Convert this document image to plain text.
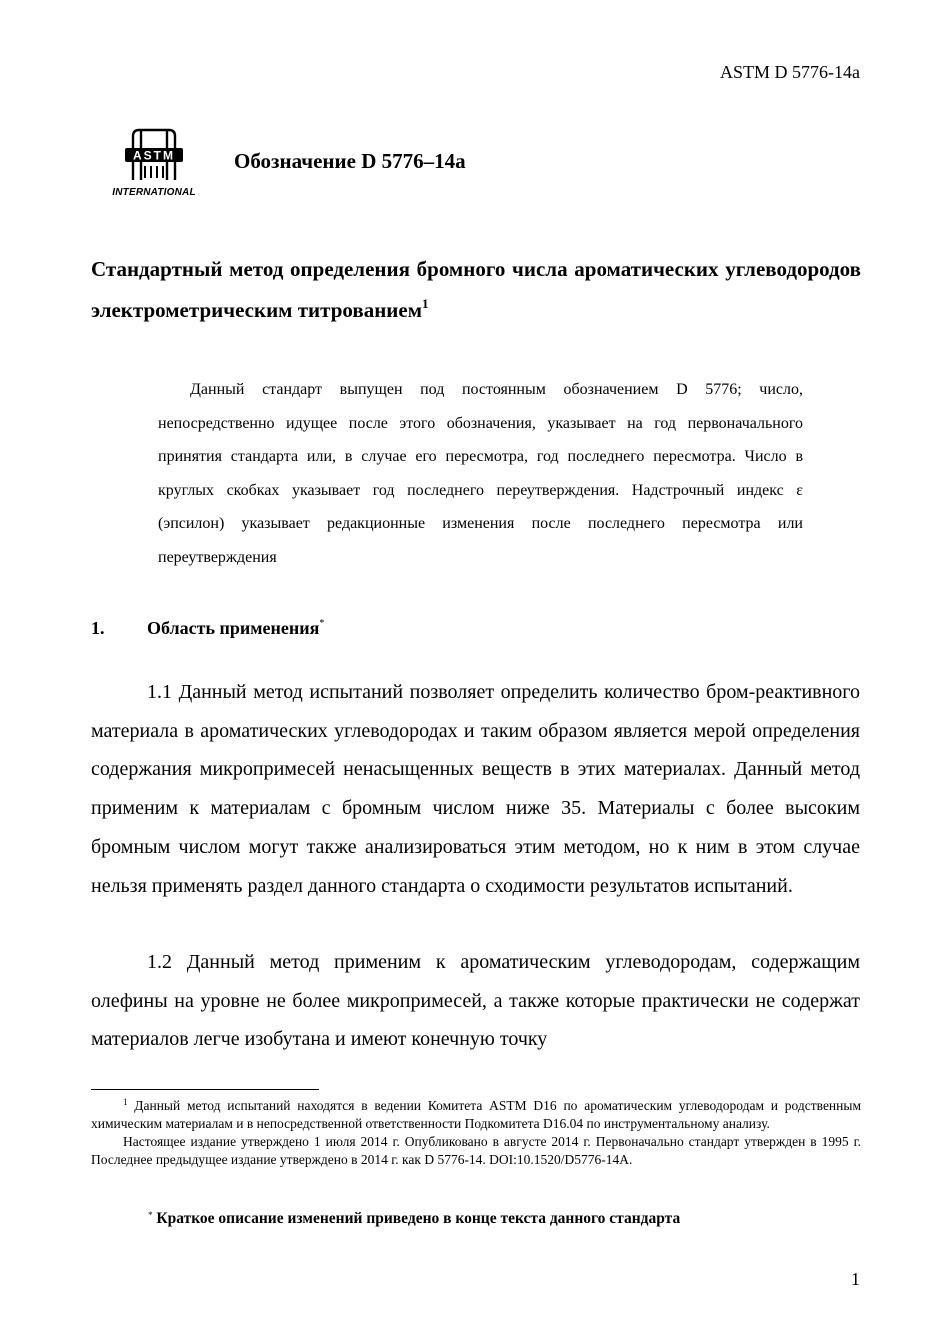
ASTM D 5776-14a
ASTM
INTERNATIONAL
Обозначение D 5776–14a
Стандартный метод определения бромного числа ароматических углеводородов электрометрическим титрованием$^1$
Данный стандарт выпущен под постоянным обозначением D 5776; число, непосредственно идущее после этого обозначения, указывает на год первоначального принятия стандарта или, в случае его пересмотра, год последнего пересмотра. Число в круглых скобках указывает год последнего переутверждения. Надстрочный индекс ε (эпсилон) указывает редакционные изменения после последнего пересмотра или переутверждения
1. Область применения*
1.1 Данный метод испытаний позволяет определить количество бром-реактивного материала в ароматических углеводородах и таким образом является мерой определения содержания микропримесей ненасыщенных веществ в этих материалах. Данный метод применим к материалам с бромным числом ниже 35. Материалы с более высоким бромным числом могут также анализироваться этим методом, но к ним в этом случае нельзя применять раздел данного стандарта о сходимости результатов испытаний.
1.2 Данный метод применим к ароматическим углеводородам, содержащим олефины на уровне не более микропримесей, а также которые практически не содержат материалов легче изобутана и имеют конечную точку

$^1$ Данный метод испытаний находятся в ведении Комитета ASTM D16 по ароматическим углеводородам и родственным химическим материалам и в непосредственной ответственности Подкомитета D16.04 по инструментальному анализу.

Настоящее издание утверждено 1 июля 2014 г. Опубликовано в августе 2014 г. Первоначально стандарт утвержден в 1995 г. Последнее предыдущее издание утверждено в 2014 г. как D 5776-14. DOI:10.1520/D5776-14A.

* Краткое описание изменений приведено в конце текста данного стандарта
1
